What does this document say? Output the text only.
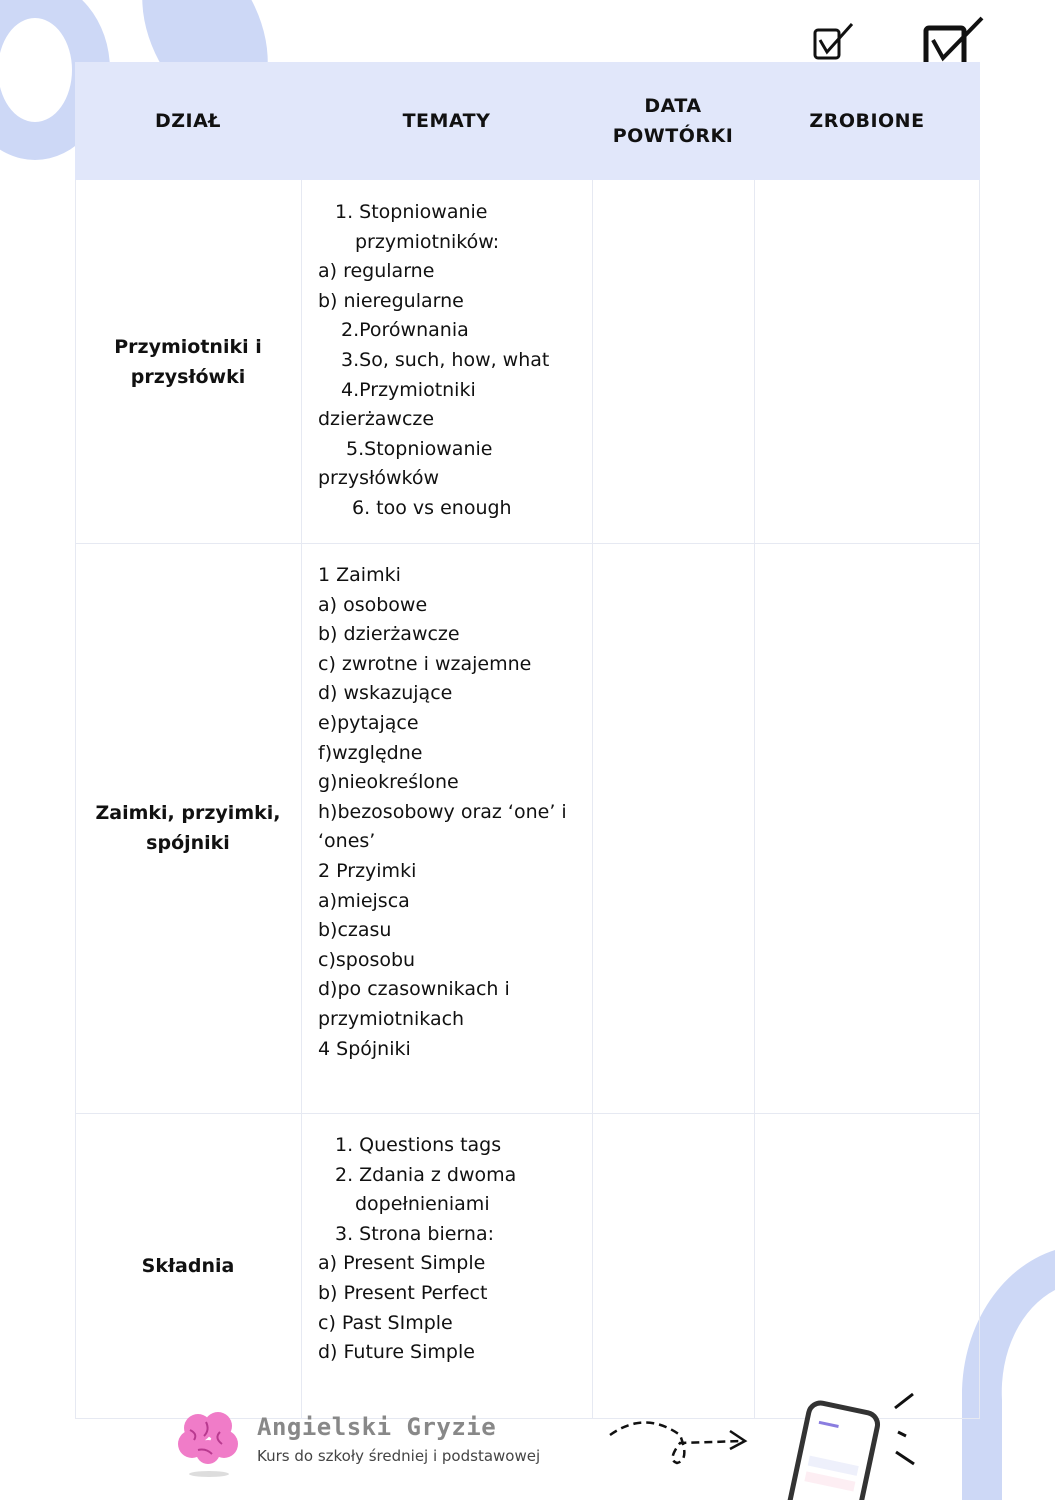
DZIAŁ	TEMATY
DATA
POWTÓRKI
ZROBIONE
Przymiotniki i przysłówki
1. Stopniowanie
przymiotników:
a) regularne
b) nieregularne
2.Porównania
3.So, such, how, what
4.Przymiotniki
dzierżawcze
5.Stopniowanie
przysłówków
6. too vs enough
Zaimki, przyimki, spójniki
1 Zaimki
a) osobowe
b) dzierżawcze
c) zwrotne i wzajemne
d) wskazujące
e)pytające
f)względne
g)nieokreślone
h)bezosobowy oraz ‘one’ i
‘ones’
2 Przyimki
a)miejsca
b)czasu
c)sposobu
d)po czasownikach i
przymiotnikach
4 Spójniki
Składnia
1. Questions tags
2. Zdania z dwoma
dopełnieniami
3. Strona bierna:
a) Present Simple
b) Present Perfect
c) Past SImple
d) Future Simple
Angielski Gryzie
Kurs do szkoły średniej i podstawowej
